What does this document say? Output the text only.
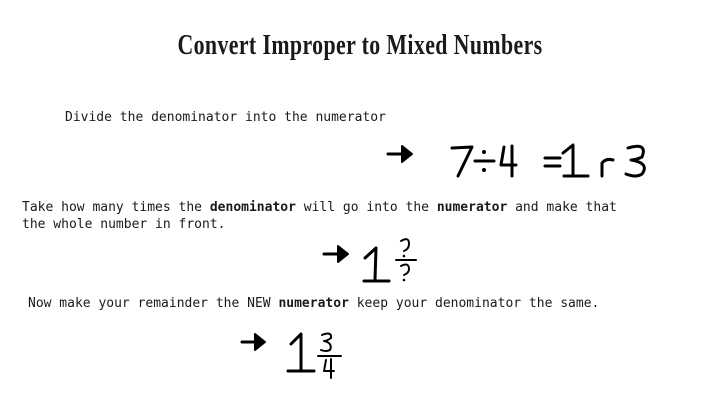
Convert Improper to Mixed Numbers
Divide the denominator into the numerator
Take how many times the denominator will go into the numerator and make that the whole number in front.
Now make your remainder the NEW numerator keep your denominator the same.
